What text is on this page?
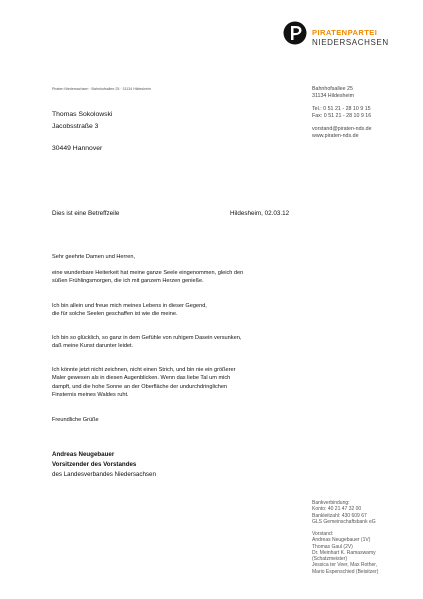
PIRATENPARTEI
NIEDERSACHSEN
Piraten Niedersachsen · Bahnhofsallee 25 · 31134 Hildesheim	Bahnhofsallee 25
31134 Hildesheim
Tel.: 0 51 21 - 28 10 9 15
Fax: 0 51 21 - 28 10 9 16
vorstand@piraten-nds.de
www.piraten-nds.de
Thomas Sokolowski
Jacobsstraße 3
30449 Hannover
Dies ist eine Betreffzeile	Hildesheim, 02.03.12
Sehr geehrte Damen und Herren,
eine wunderbare Heiterkeit hat meine ganze Seele eingenommen, gleich den
süßen Frühlingsmorgen, die ich mit ganzem Herzen genieße.
Ich bin allein und freue mich meines Lebens in dieser Gegend,
die für solche Seelen geschaffen ist wie die meine.
Ich bin so glücklich, so ganz in dem Gefühle von ruhigem Dasein versunken,
daß meine Kunst darunter leidet.
Ich könnte jetzt nicht zeichnen, nicht einen Strich, und bin nie ein größerer
Maler gewesen als in diesen Augenblicken. Wenn das liebe Tal um mich
dampft, und die hohe Sonne an der Oberfläche der undurchdringlichen
Finsternis meines Waldes ruht.
Freundliche Grüße
Andreas Neugebauer
Vorsitzender des Vorstandes
des Landesverbandes Niedersachsen
Bankverbindung:
Konto: 40 21 47 32 00
Bankleitzahl: 430 609 67
GLS Gemeinschaftsbank eG
Vorstand:
Andreas Neugebauer (1V)
Thomas Gaul (2V)
Dr. Meinhart K. Ramaswamy
(Schatzmeister)
Jessica ter Veer, Max Rother,
Mario Espenschied (Beisitzer)
